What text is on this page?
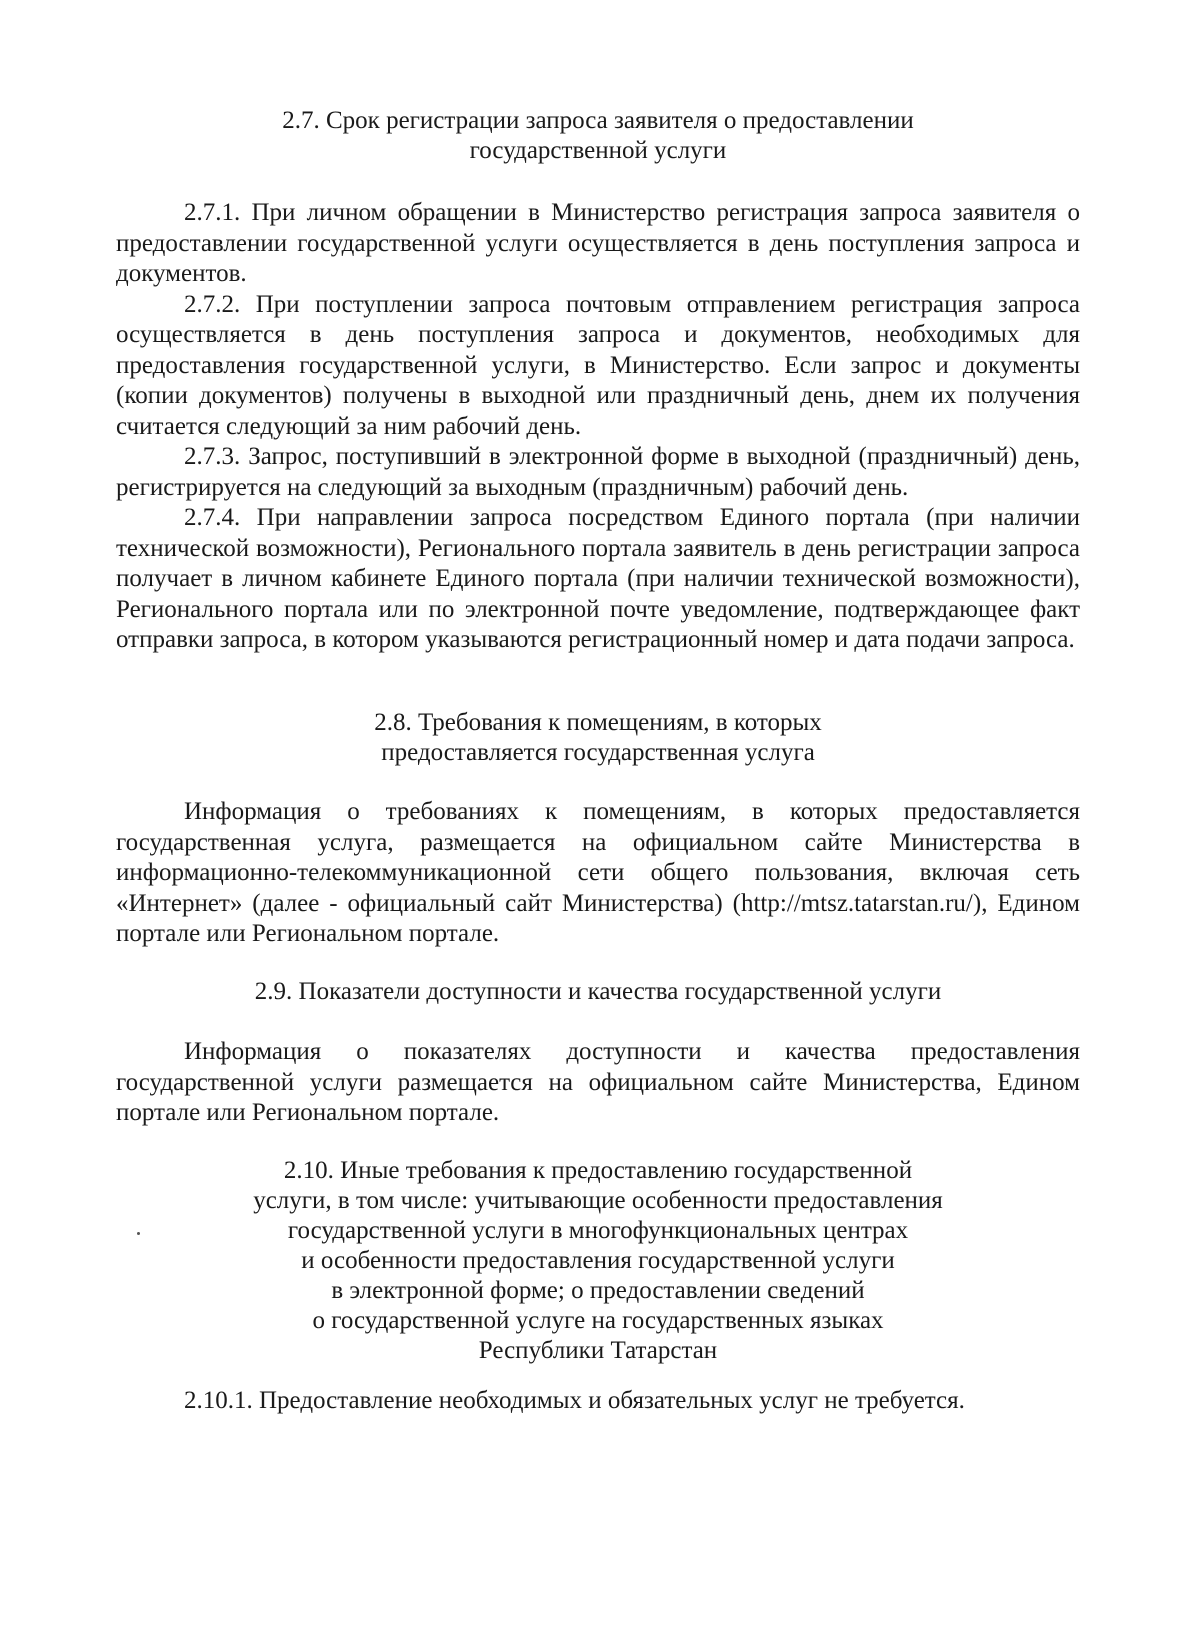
2.7. Срок регистрации запроса заявителя о предоставлении
государственной услуги

2.7.1. При личном обращении в Министерство регистрация запроса заявителя о предоставлении государственной услуги осуществляется в день поступления запроса и документов.

2.7.2. При поступлении запроса почтовым отправлением регистрация запроса осуществляется в день поступления запроса и документов, необходимых для предоставления государственной услуги, в Министерство. Если запрос и документы (копии документов) получены в выходной или праздничный день, днем их получения считается следующий за ним рабочий день.

2.7.3. Запрос, поступивший в электронной форме в выходной (праздничный) день, регистрируется на следующий за выходным (праздничным) рабочий день.

2.7.4. При направлении запроса посредством Единого портала (при наличии технической возможности), Регионального портала заявитель в день регистрации запроса получает в личном кабинете Единого портала (при наличии технической возможности), Регионального портала или по электронной почте уведомление, подтверждающее факт отправки запроса, в котором указываются регистрационный номер и дата подачи запроса.

2.8. Требования к помещениям, в которых
предоставляется государственная услуга

Информация о требованиях к помещениям, в которых предоставляется государственная услуга, размещается на официальном сайте Министерства в информационно-телекоммуникационной сети общего пользования, включая сеть «Интернет» (далее - официальный сайт Министерства) (http://mtsz.tatarstan.ru/), Едином портале или Региональном портале.

2.9. Показатели доступности и качества государственной услуги

Информация о показателях доступности и качества предоставления государственной услуги размещается на официальном сайте Министерства, Едином портале или Региональном портале.

2.10. Иные требования к предоставлению государственной
услуги, в том числе: учитывающие особенности предоставления
государственной услуги в многофункциональных центрах
и особенности предоставления государственной услуги
в электронной форме; о предоставлении сведений
о государственной услуге на государственных языках
Республики Татарстан

2.10.1. Предоставление необходимых и обязательных услуг не требуется.
